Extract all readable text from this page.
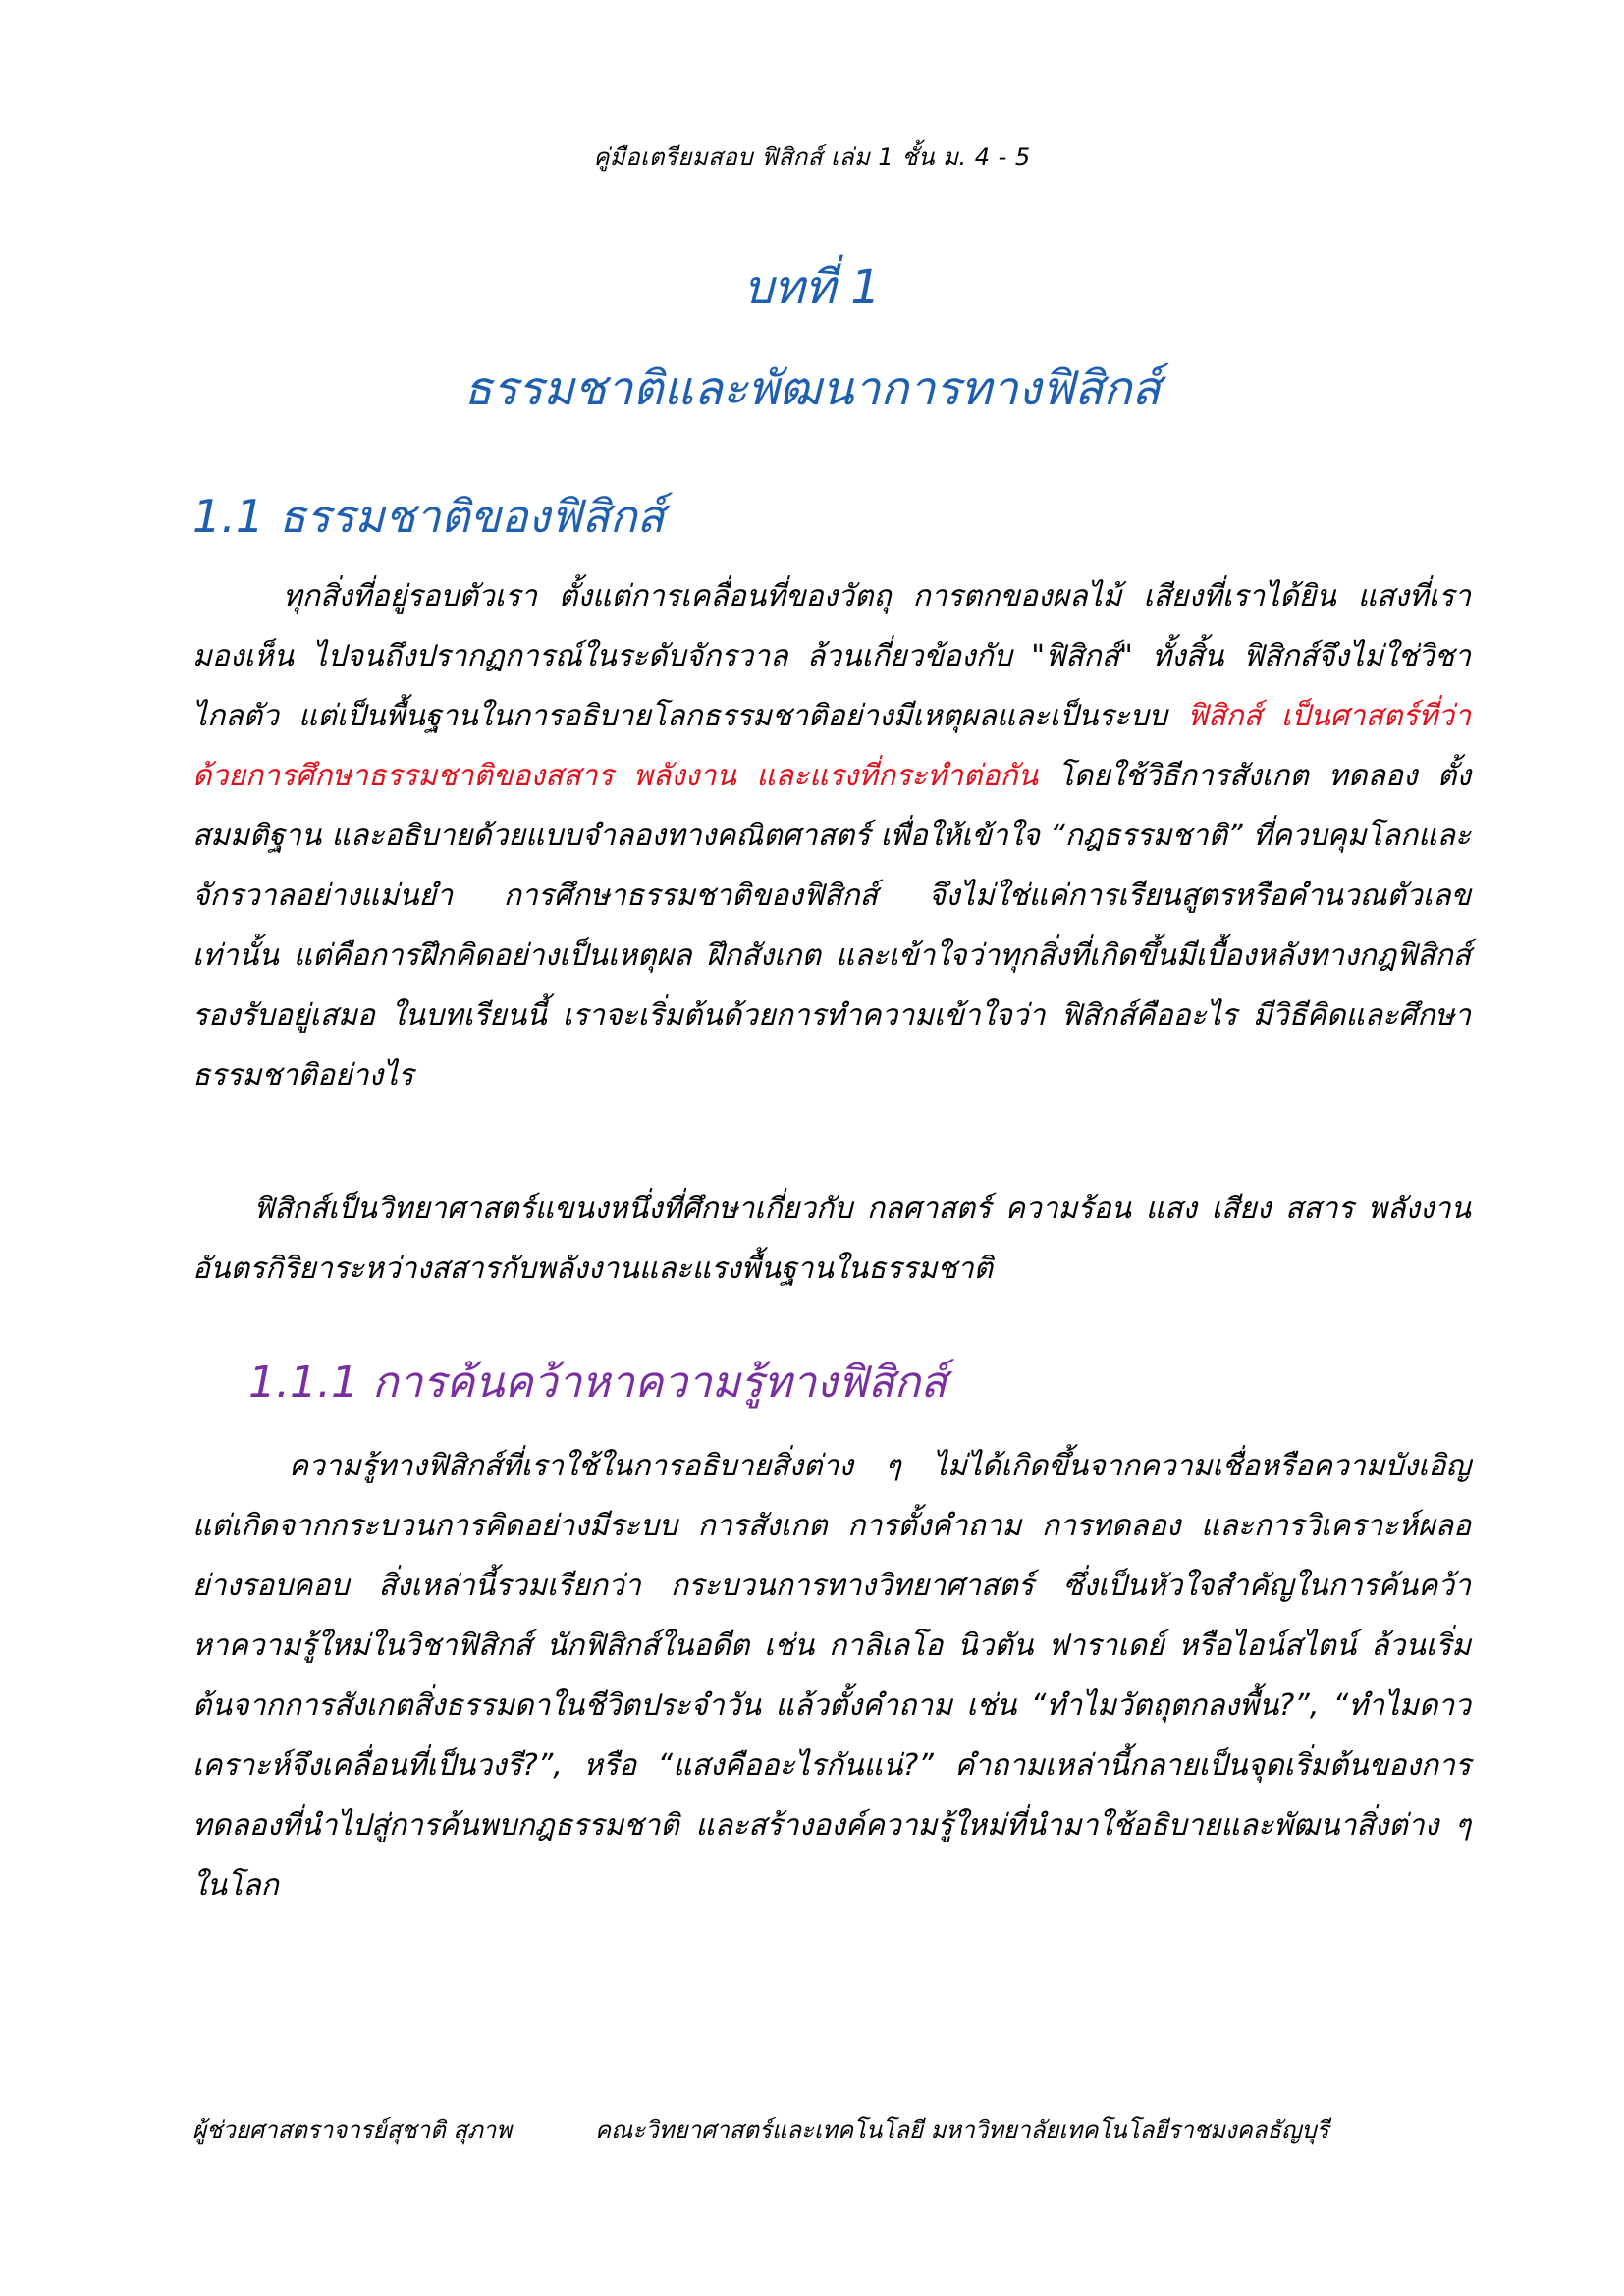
คู่มือเตรียมสอบ ฟิสิกส์ เล่ม 1 ชั้น ม. 4 - 5
บทที่ 1
ธรรมชาติและพัฒนาการทางฟิสิกส์
1.1 ธรรมชาติของฟิสิกส์
ทุกสิ่งที่อยู่รอบตัวเรา ตั้งแต่การเคลื่อนที่ของวัตถุ การตกของผลไม้ เสียงที่เราได้ยิน แสงที่เรามองเห็น ไปจนถึงปรากฏการณ์ในระดับจักรวาล ล้วนเกี่ยวข้องกับ "ฟิสิกส์" ทั้งสิ้น ฟิสิกส์จึงไม่ใช่วิชาไกลตัว แต่เป็นพื้นฐานในการอธิบายโลกธรรมชาติอย่างมีเหตุผลและเป็นระบบ ฟิสิกส์ เป็นศาสตร์ที่ว่าด้วยการศึกษาธรรมชาติของสสาร พลังงาน และแรงที่กระทำต่อกัน โดยใช้วิธีการสังเกต ทดลอง ตั้งสมมติฐาน และอธิบายด้วยแบบจำลองทางคณิตศาสตร์ เพื่อให้เข้าใจ “กฎธรรมชาติ” ที่ควบคุมโลกและจักรวาลอย่างแม่นยำ การศึกษาธรรมชาติของฟิสิกส์ จึงไม่ใช่แค่การเรียนสูตรหรือคำนวณตัวเลขเท่านั้น แต่คือการฝึกคิดอย่างเป็นเหตุผล ฝึกสังเกต และเข้าใจว่าทุกสิ่งที่เกิดขึ้นมีเบื้องหลังทางกฎฟิสิกส์รองรับอยู่เสมอ ในบทเรียนนี้ เราจะเริ่มต้นด้วยการทำความเข้าใจว่า ฟิสิกส์คืออะไร มีวิธีคิดและศึกษาธรรมชาติอย่างไร
ฟิสิกส์เป็นวิทยาศาสตร์แขนงหนึ่งที่ศึกษาเกี่ยวกับ กลศาสตร์ ความร้อน แสง เสียง สสาร พลังงาน อันตรกิริยาระหว่างสสารกับพลังงานและแรงพื้นฐานในธรรมชาติ
1.1.1 การค้นคว้าหาความรู้ทางฟิสิกส์
ความรู้ทางฟิสิกส์ที่เราใช้ในการอธิบายสิ่งต่าง ๆ ไม่ได้เกิดขึ้นจากความเชื่อหรือความบังเอิญ แต่เกิดจากกระบวนการคิดอย่างมีระบบ การสังเกต การตั้งคำถาม การทดลอง และการวิเคราะห์ผลอย่างรอบคอบ สิ่งเหล่านี้รวมเรียกว่า กระบวนการทางวิทยาศาสตร์ ซึ่งเป็นหัวใจสำคัญในการค้นคว้าหาความรู้ใหม่ในวิชาฟิสิกส์ นักฟิสิกส์ในอดีต เช่น กาลิเลโอ นิวตัน ฟาราเดย์ หรือไอน์สไตน์ ล้วนเริ่มต้นจากการสังเกตสิ่งธรรมดาในชีวิตประจำวัน แล้วตั้งคำถาม เช่น “ทำไมวัตถุตกลงพื้น?”, “ทำไมดาวเคราะห์จึงเคลื่อนที่เป็นวงรี?”, หรือ “แสงคืออะไรกันแน่?” คำถามเหล่านี้กลายเป็นจุดเริ่มต้นของการทดลองที่นำไปสู่การค้นพบกฎธรรมชาติ และสร้างองค์ความรู้ใหม่ที่นำมาใช้อธิบายและพัฒนาสิ่งต่าง ๆ ในโลก
ผู้ช่วยศาสตราจารย์สุชาติ สุภาพ	คณะวิทยาศาสตร์และเทคโนโลยี มหาวิทยาลัยเทคโนโลยีราชมงคลธัญบุรี
